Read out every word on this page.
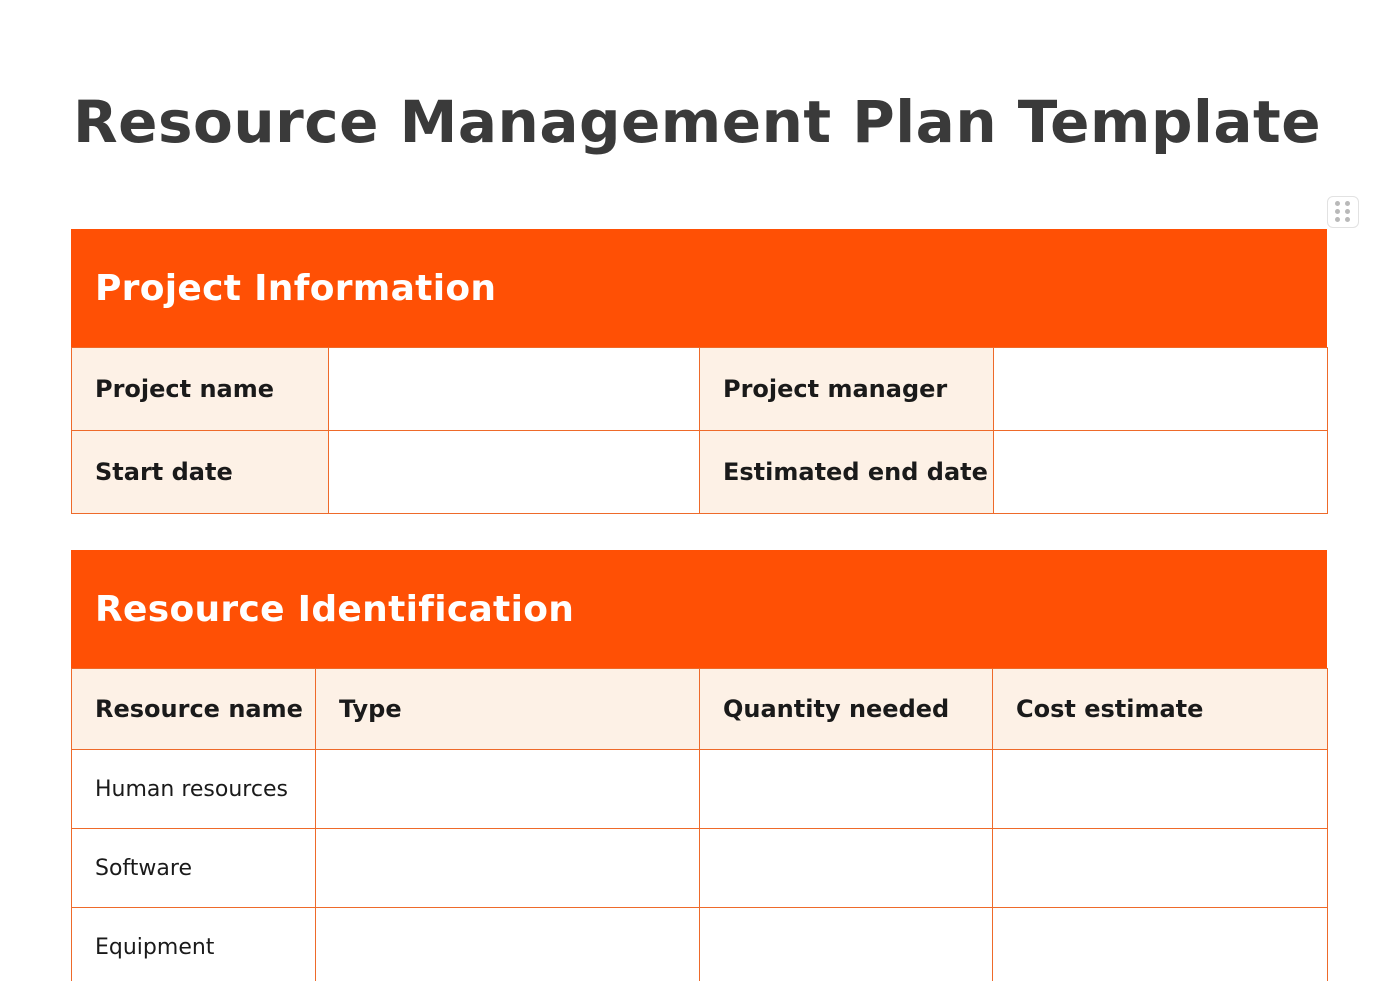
Resource Management Plan Template
Project Information
Project name		Project manager	
Start date		Estimated end date	
Resource Identification
Resource name	Type	Quantity needed	Cost estimate
Human resources			
Software			
Equipment			
